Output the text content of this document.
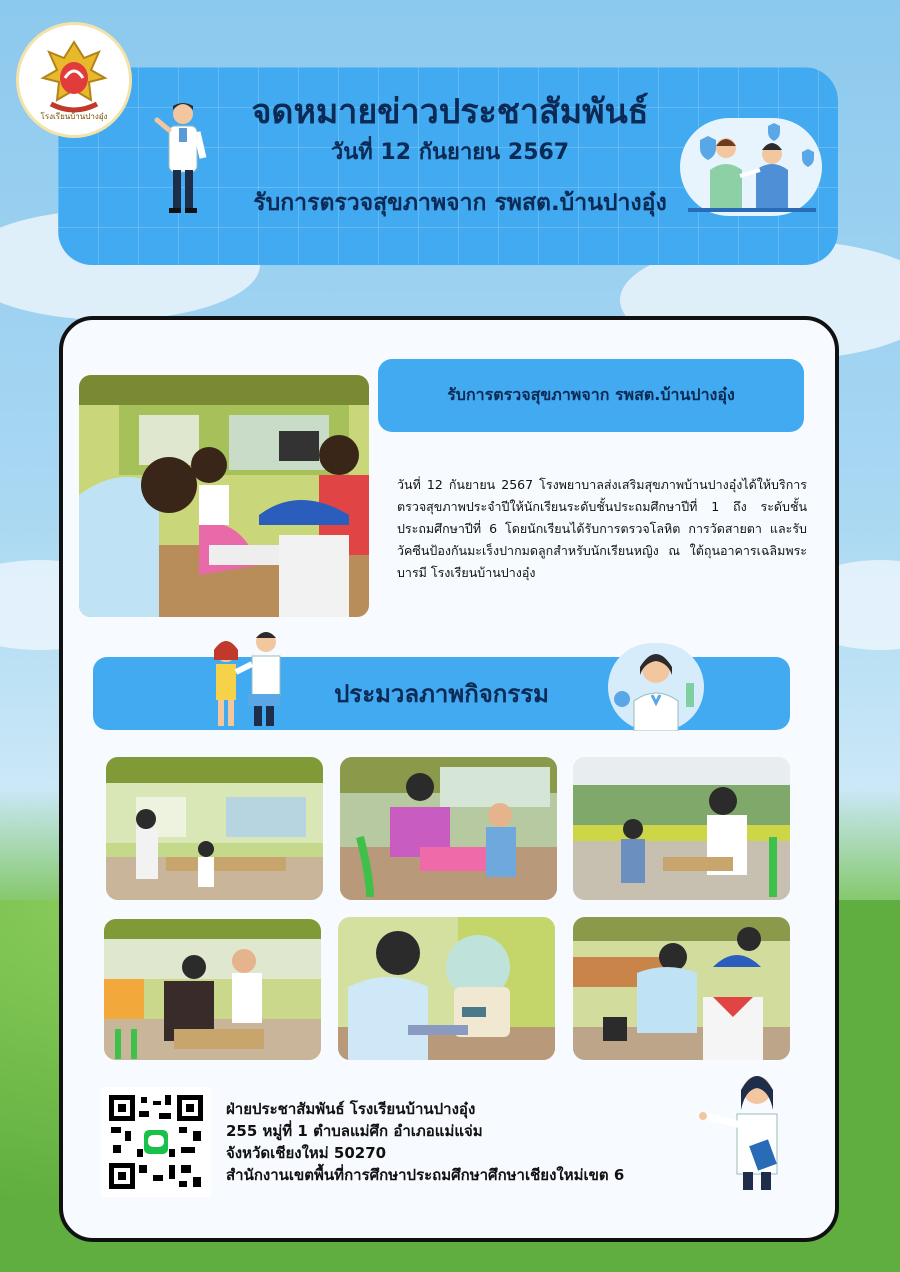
โรงเรียนบ้านปางอุ๋ง	จดหมายข่าวประชาสัมพันธ์
วันที่ 12 กันยายน 2567
รับการตรวจสุขภาพจาก รพสต.บ้านปางอุ๋ง
รับการตรวจสุขภาพจาก รพสต.บ้านปางอุ๋ง
วันที่ 12 กันยายน 2567 โรงพยาบาลส่งเสริมสุขภาพบ้านปางอุ๋งได้ให้บริการตรวจสุขภาพประจำปีให้นักเรียนระดับชั้นประถมศึกษาปีที่ 1 ถึง ระดับชั้นประถมศึกษาปีที่ 6 โดยนักเรียนได้รับการตรวจโลหิต การวัดสายตา และรับวัคซีนป้องกันมะเร็งปากมดลูกสำหรับนักเรียนหญิง ณ ใต้ถุนอาคารเฉลิมพระบารมี โรงเรียนบ้านปางอุ๋ง
ประมวลภาพกิจกรรม
ฝ่ายประชาสัมพันธ์ โรงเรียนบ้านปางอุ๋ง
255 หมู่ที่ 1 ตำบลแม่ศึก อำเภอแม่แจ่ม
จังหวัดเชียงใหม่ 50270
สำนักงานเขตพื้นที่การศึกษาประถมศึกษาศึกษาเชียงใหม่เขต 6
